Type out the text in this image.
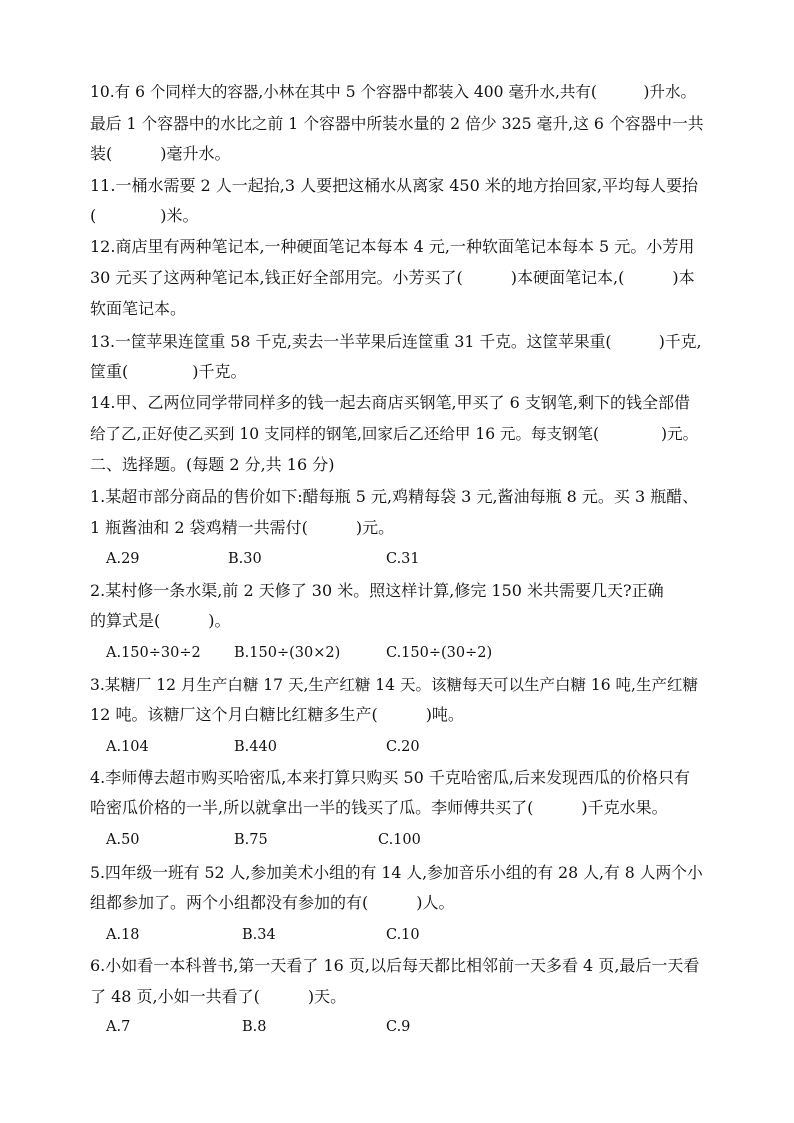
10.有 6 个同样大的容器,小林在其中 5 个容器中都装入 400 毫升水,共有(　　　)升水。
最后 1 个容器中的水比之前 1 个容器中所装水量的 2 倍少 325 毫升,这 6 个容器中一共
装(　　　)毫升水。
11.一桶水需要 2 人一起抬,3 人要把这桶水从离家 450 米的地方抬回家,平均每人要抬
(　　　　)米。
12.商店里有两种笔记本,一种硬面笔记本每本 4 元,一种软面笔记本每本 5 元。小芳用
30 元买了这两种笔记本,钱正好全部用完。小芳买了(　　　)本硬面笔记本,(　　　)本
软面笔记本。
13.一筐苹果连筐重 58 千克,卖去一半苹果后连筐重 31 千克。这筐苹果重(　　　)千克,
筐重(　　　　)千克。
14.甲、乙两位同学带同样多的钱一起去商店买钢笔,甲买了 6 支钢笔,剩下的钱全部借
给了乙,正好使乙买到 10 支同样的钢笔,回家后乙还给甲 16 元。每支钢笔(　　　　)元。
二、选择题。(每题 2 分,共 16 分)
1.某超市部分商品的售价如下:醋每瓶 5 元,鸡精每袋 3 元,酱油每瓶 8 元。买 3 瓶醋、
1 瓶酱油和 2 袋鸡精一共需付(　　　)元。
A.29	B.30	C.31
2.某村修一条水渠,前 2 天修了 30 米。照这样计算,修完 150 米共需要几天?正确
的算式是(　　　)。
A.150÷30÷2 B.150÷(30×2)	C.150÷(30÷2)
3.某糖厂 12 月生产白糖 17 天,生产红糖 14 天。该糖每天可以生产白糖 16 吨,生产红糖
12 吨。该糖厂这个月白糖比红糖多生产(　　　)吨。
A.104	B.440	C.20
4.李师傅去超市购买哈密瓜,本来打算只购买 50 千克哈密瓜,后来发现西瓜的价格只有
哈密瓜价格的一半,所以就拿出一半的钱买了瓜。李师傅共买了(　　　)千克水果。
A.50	B.75	C.100
5.四年级一班有 52 人,参加美术小组的有 14 人,参加音乐小组的有 28 人,有 8 人两个小
组都参加了。两个小组都没有参加的有(　　　)人。
A.18	B.34	C.10
6.小如看一本科普书,第一天看了 16 页,以后每天都比相邻前一天多看 4 页,最后一天看
了 48 页,小如一共看了(　　　)天。
A.7	B.8	C.9
